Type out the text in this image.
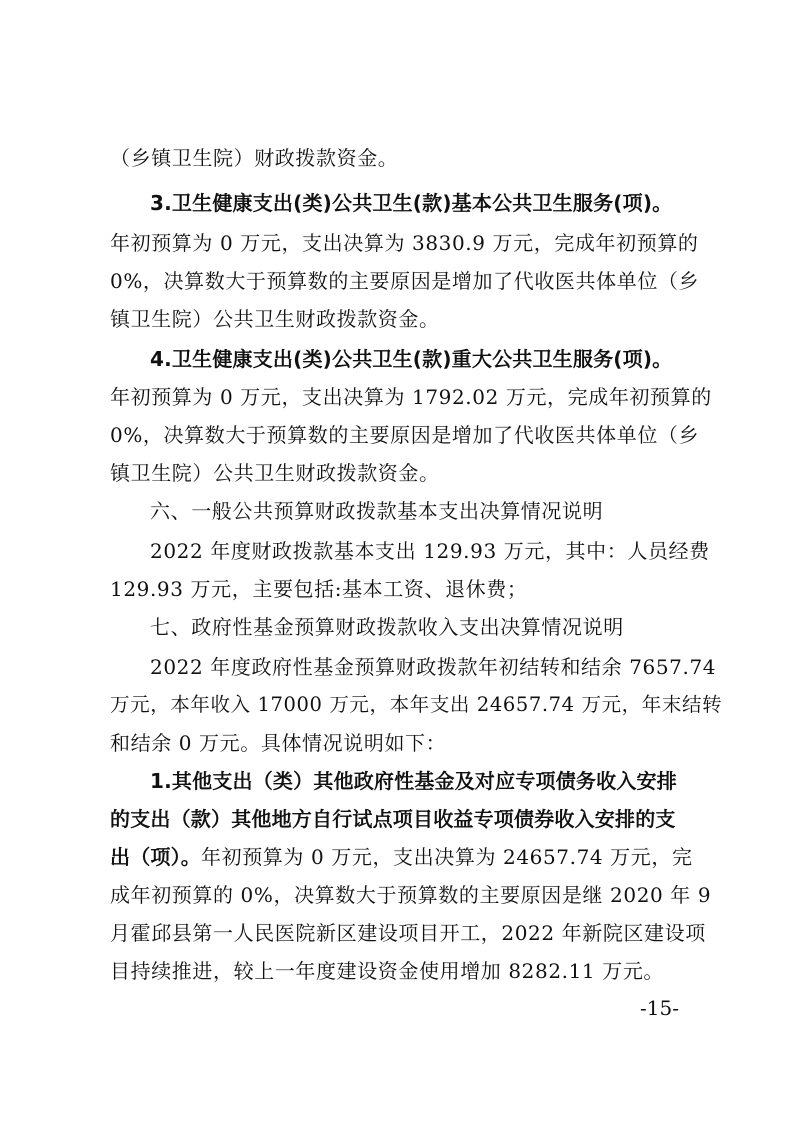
（乡镇卫生院）财政拨款资金。
3.卫生健康支出(类)公共卫生(款)基本公共卫生服务(项)。
年初预算为 0 万元，支出决算为 3830.9 万元，完成年初预算的
0%，决算数大于预算数的主要原因是增加了代收医共体单位（乡
镇卫生院）公共卫生财政拨款资金。
4.卫生健康支出(类)公共卫生(款)重大公共卫生服务(项)。
年初预算为 0 万元，支出决算为 1792.02 万元，完成年初预算的
0%，决算数大于预算数的主要原因是增加了代收医共体单位（乡
镇卫生院）公共卫生财政拨款资金。
六、一般公共预算财政拨款基本支出决算情况说明
2022 年度财政拨款基本支出 129.93 万元，其中：人员经费
129.93 万元，主要包括:基本工资、退休费；
七、政府性基金预算财政拨款收入支出决算情况说明
2022 年度政府性基金预算财政拨款年初结转和结余 7657.74
万元，本年收入 17000 万元，本年支出 24657.74 万元，年末结转
和结余 0 万元。具体情况说明如下：
1.其他支出（类）其他政府性基金及对应专项债务收入安排
的支出（款）其他地方自行试点项目收益专项债券收入安排的支
出（项）。年初预算为 0 万元，支出决算为 24657.74 万元，完
成年初预算的 0%，决算数大于预算数的主要原因是继 2020 年 9
月霍邱县第一人民医院新区建设项目开工，2022 年新院区建设项
目持续推进，较上一年度建设资金使用增加 8282.11 万元。
-15-
